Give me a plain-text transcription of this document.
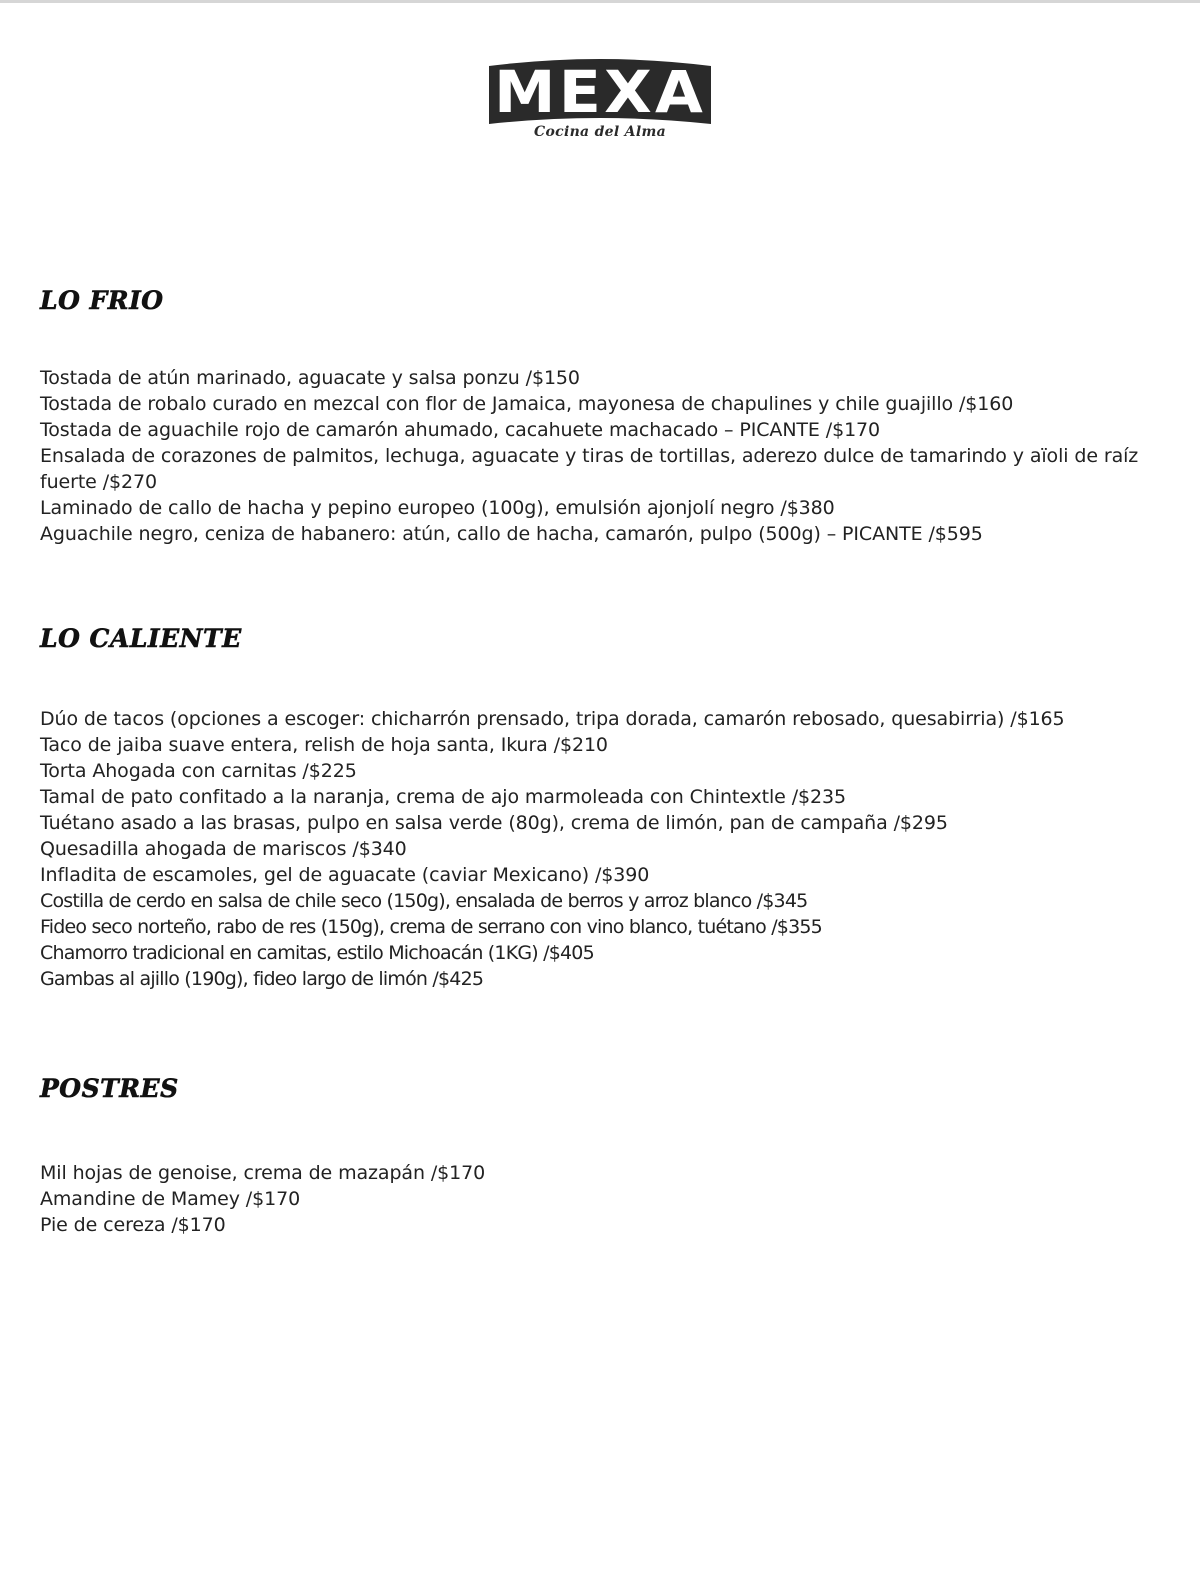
MEXA
Cocina del Alma
LO FRIO
Tostada de atún marinado, aguacate y salsa ponzu /$150
Tostada de robalo curado en mezcal con flor de Jamaica, mayonesa de chapulines y chile guajillo /$160
Tostada de aguachile rojo de camarón ahumado, cacahuete machacado – PICANTE /$170
Ensalada de corazones de palmitos, lechuga, aguacate y tiras de tortillas, aderezo dulce de tamarindo y aïoli de raíz fuerte /$270
Laminado de callo de hacha y pepino europeo (100g), emulsión ajonjolí negro /$380
Aguachile negro, ceniza de habanero: atún, callo de hacha, camarón, pulpo (500g) – PICANTE /$595
LO CALIENTE
Dúo de tacos (opciones a escoger: chicharrón prensado, tripa dorada, camarón rebosado, quesabirria) /$165
Taco de jaiba suave entera, relish de hoja santa, Ikura /$210
Torta Ahogada con carnitas /$225
Tamal de pato confitado a la naranja, crema de ajo marmoleada con Chintextle /$235
Tuétano asado a las brasas, pulpo en salsa verde (80g), crema de limón, pan de campaña /$295
Quesadilla ahogada de mariscos /$340
Infladita de escamoles, gel de aguacate (caviar Mexicano) /$390
Costilla de cerdo en salsa de chile seco (150g), ensalada de berros y arroz blanco /$345
Fideo seco norteño, rabo de res (150g), crema de serrano con vino blanco, tuétano /$355
Chamorro tradicional en camitas, estilo Michoacán (1KG) /$405
Gambas al ajillo (190g), fideo largo de limón /$425
POSTRES
Mil hojas de genoise, crema de mazapán /$170
Amandine de Mamey /$170
Pie de cereza /$170
